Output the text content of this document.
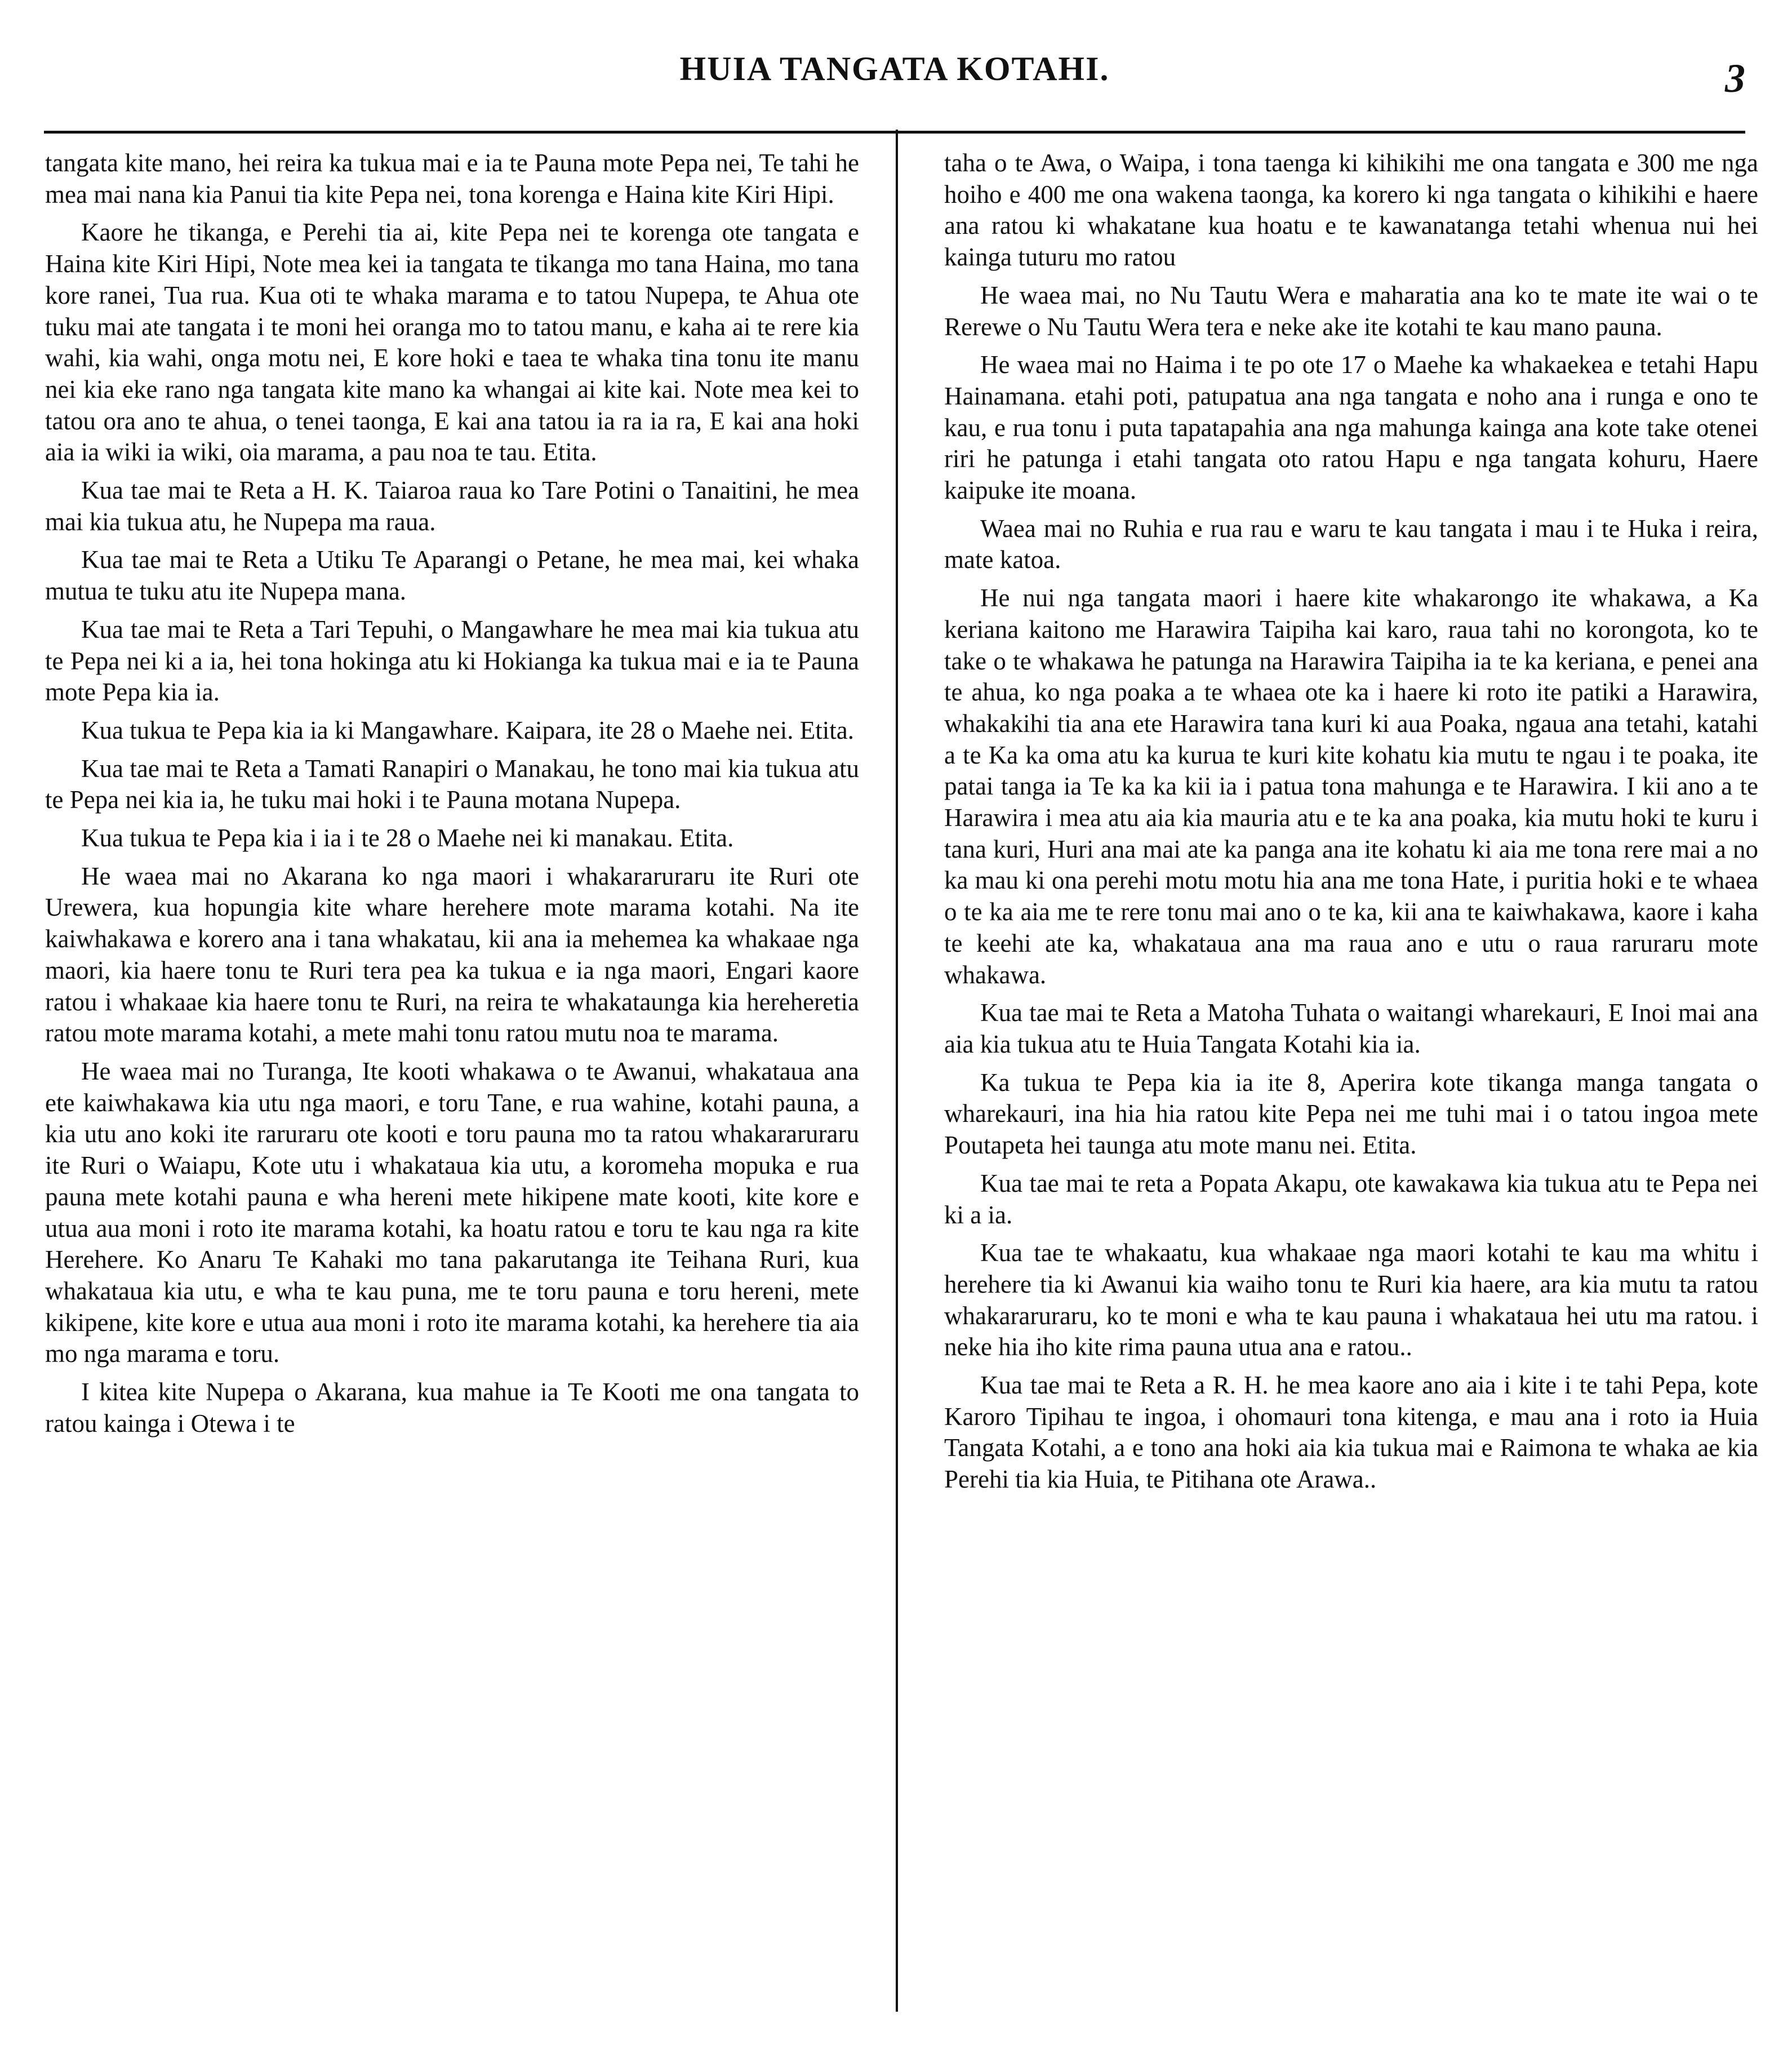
HUIA TANGATA KOTAHI.	3

tangata kite mano, hei reira ka tukua mai e ia te Pauna mote Pepa nei, Te tahi he mea mai nana kia Panui tia kite Pepa nei, tona korenga e Haina kite Kiri Hipi.

Kaore he tikanga, e Perehi tia ai, kite Pepa nei te korenga ote tangata e Haina kite Kiri Hipi, Note mea kei ia tangata te tikanga mo tana Haina, mo tana kore ranei, Tua rua. Kua oti te whaka marama e to tatou Nupepa, te Ahua ote tuku mai ate tangata i te moni hei oranga mo to tatou manu, e kaha ai te rere kia wahi, kia wahi, onga motu nei, E kore hoki e taea te whaka tina tonu ite manu nei kia eke rano nga tangata kite mano ka whangai ai kite kai. Note mea kei to tatou ora ano te ahua, o tenei taonga, E kai ana tatou ia ra ia ra, E kai ana hoki aia ia wiki ia wiki, oia marama, a pau noa te tau. Etita.

Kua tae mai te Reta a H. K. Taiaroa raua ko Tare Potini o Tanaitini, he mea mai kia tukua atu, he Nupepa ma raua.

Kua tae mai te Reta a Utiku Te Aparangi o Petane, he mea mai, kei whaka mutua te tuku atu ite Nupepa mana.

Kua tae mai te Reta a Tari Tepuhi, o Mangawhare he mea mai kia tukua atu te Pepa nei ki a ia, hei tona hokinga atu ki Hokianga ka tukua mai e ia te Pauna mote Pepa kia ia.

Kua tukua te Pepa kia ia ki Mangawhare. Kaipara, ite 28 o Maehe nei. Etita.

Kua tae mai te Reta a Tamati Ranapiri o Manakau, he tono mai kia tukua atu te Pepa nei kia ia, he tuku mai hoki i te Pauna motana Nupepa.

Kua tukua te Pepa kia i ia i te 28 o Maehe nei ki manakau. Etita.

He waea mai no Akarana ko nga maori i whakararuraru ite Ruri ote Urewera, kua hopungia kite whare herehere mote marama kotahi. Na ite kaiwhakawa e korero ana i tana whakatau, kii ana ia mehemea ka whakaae nga maori, kia haere tonu te Ruri tera pea ka tukua e ia nga maori, Engari kaore ratou i whakaae kia haere tonu te Ruri, na reira te whakataunga kia hereheretia ratou mote marama kotahi, a mete mahi tonu ratou mutu noa te marama.

He waea mai no Turanga, Ite kooti whakawa o te Awanui, whakataua ana ete kaiwhakawa kia utu nga maori, e toru Tane, e rua wahine, kotahi pauna, a kia utu ano koki ite raruraru ote kooti e toru pauna mo ta ratou whakararuraru ite Ruri o Waiapu, Kote utu i whakataua kia utu, a koromeha mopuka e rua pauna mete kotahi pauna e wha hereni mete hikipene mate kooti, kite kore e utua aua moni i roto ite marama kotahi, ka hoatu ratou e toru te kau nga ra kite Herehere. Ko Anaru Te Kahaki mo tana pakarutanga ite Teihana Ruri, kua whakataua kia utu, e wha te kau puna, me te toru pauna e toru hereni, mete kikipene, kite kore e utua aua moni i roto ite marama kotahi, ka herehere tia aia mo nga marama e toru.

I kitea kite Nupepa o Akarana, kua mahue ia Te Kooti me ona tangata to ratou kainga i Otewa i te

taha o te Awa, o Waipa, i tona taenga ki kihikihi me ona tangata e 300 me nga hoiho e 400 me ona wakena taonga, ka korero ki nga tangata o kihikihi e haere ana ratou ki whakatane kua hoatu e te kawanatanga tetahi whenua nui hei kainga tuturu mo ratou

He waea mai, no Nu Tautu Wera e maharatia ana ko te mate ite wai o te Rerewe o Nu Tautu Wera tera e neke ake ite kotahi te kau mano pauna.

He waea mai no Haima i te po ote 17 o Maehe ka whakaekea e tetahi Hapu Hainamana. etahi poti, patupatua ana nga tangata e noho ana i runga e ono te kau, e rua tonu i puta tapatapahia ana nga mahunga kainga ana kote take otenei riri he patunga i etahi tangata oto ratou Hapu e nga tangata kohuru, Haere kaipuke ite moana.

Waea mai no Ruhia e rua rau e waru te kau tangata i mau i te Huka i reira, mate katoa.

He nui nga tangata maori i haere kite whakarongo ite whakawa, a Ka keriana kaitono me Harawira Taipiha kai karo, raua tahi no korongota, ko te take o te whakawa he patunga na Harawira Taipiha ia te ka keriana, e penei ana te ahua, ko nga poaka a te whaea ote ka i haere ki roto ite patiki a Harawira, whakakihi tia ana ete Harawira tana kuri ki aua Poaka, ngaua ana tetahi, katahi a te Ka ka oma atu ka kurua te kuri kite kohatu kia mutu te ngau i te poaka, ite patai tanga ia Te ka ka kii ia i patua tona mahunga e te Harawira. I kii ano a te Harawira i mea atu aia kia mauria atu e te ka ana poaka, kia mutu hoki te kuru i tana kuri, Huri ana mai ate ka panga ana ite kohatu ki aia me tona rere mai a no ka mau ki ona perehi motu motu hia ana me tona Hate, i puritia hoki e te whaea o te ka aia me te rere tonu mai ano o te ka, kii ana te kaiwhakawa, kaore i kaha te keehi ate ka, whakataua ana ma raua ano e utu o raua raruraru mote whakawa.

Kua tae mai te Reta a Matoha Tuhata o waitangi wharekauri, E Inoi mai ana aia kia tukua atu te Huia Tangata Kotahi kia ia.

Ka tukua te Pepa kia ia ite 8, Aperira kote tikanga manga tangata o wharekauri, ina hia hia ratou kite Pepa nei me tuhi mai i o tatou ingoa mete Poutapeta hei taunga atu mote manu nei. Etita.

Kua tae mai te reta a Popata Akapu, ote kawakawa kia tukua atu te Pepa nei ki a ia.

Kua tae te whakaatu, kua whakaae nga maori kotahi te kau ma whitu i herehere tia ki Awanui kia waiho tonu te Ruri kia haere, ara kia mutu ta ratou whakararuraru, ko te moni e wha te kau pauna i whakataua hei utu ma ratou. i neke hia iho kite rima pauna utua ana e ratou..

Kua tae mai te Reta a R. H. he mea kaore ano aia i kite i te tahi Pepa, kote Karoro Tipihau te ingoa, i ohomauri tona kitenga, e mau ana i roto ia Huia Tangata Kotahi, a e tono ana hoki aia kia tukua mai e Raimona te whaka ae kia Perehi tia kia Huia, te Pitihana ote Arawa..
